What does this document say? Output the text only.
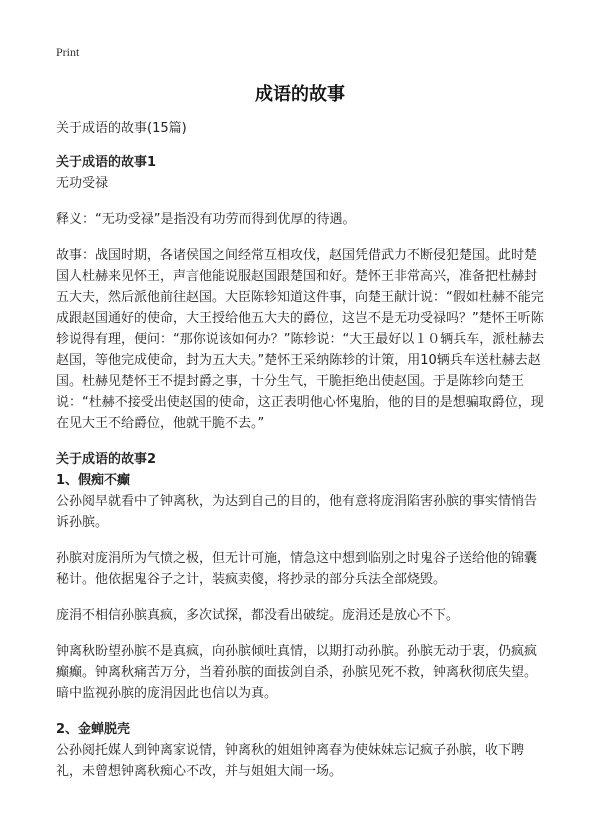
Print
成语的故事

关于成语的故事(15篇)

关于成语的故事1

无功受禄

释义：“无功受禄”是指没有功劳而得到优厚的待遇。

故事：战国时期，各诸侯国之间经常互相攻伐，赵国凭借武力不断侵犯楚国。此时楚国人杜赫来见怀王，声言他能说服赵国跟楚国和好。楚怀王非常高兴，准备把杜赫封五大夫，然后派他前往赵国。大臣陈轸知道这件事，向楚王献计说：“假如杜赫不能完成跟赵国通好的使命，大王授给他五大夫的爵位，这岂不是无功受禄吗？”楚怀王听陈轸说得有理，便问：“那你说该如何办？”陈轸说：“大王最好以１０辆兵车，派杜赫去赵国，等他完成使命，封为五大夫。”楚怀王采纳陈轸的计策，用10辆兵车送杜赫去赵国。杜赫见楚怀王不提封爵之事，十分生气，干脆拒绝出使赵国。于是陈轸向楚王说：“杜赫不接受出使赵国的使命，这正表明他心怀鬼胎，他的目的是想骗取爵位，现在见大王不给爵位，他就干脆不去。”

关于成语的故事2

1、假痴不癫

公孙阅早就看中了钟离秋，为达到自己的目的，他有意将庞涓陷害孙膑的事实情悄告诉孙膑。

孙膑对庞涓所为气愤之极，但无计可施，情急这中想到临别之时鬼谷子送给他的锦囊秘计。他依据鬼谷子之计，装疯卖傻，将抄录的部分兵法全部烧毁。

庞涓不相信孙膑真疯，多次试探，都没看出破绽。庞涓还是放心不下。

钟离秋盼望孙膑不是真疯，向孙膑倾吐真情，以期打动孙膑。孙膑无动于衷，仍疯疯癫癫。钟离秋痛苦万分，当着孙膑的面拔剑自杀，孙膑见死不救，钟离秋彻底失望。暗中监视孙膑的庞涓因此也信以为真。

2、金蝉脱壳

公孙阅托媒人到钟离家说情，钟离秋的姐姐钟离春为使妹妹忘记疯子孙膑，收下聘礼，未曾想钟离秋痴心不改，并与姐姐大闹一场。
